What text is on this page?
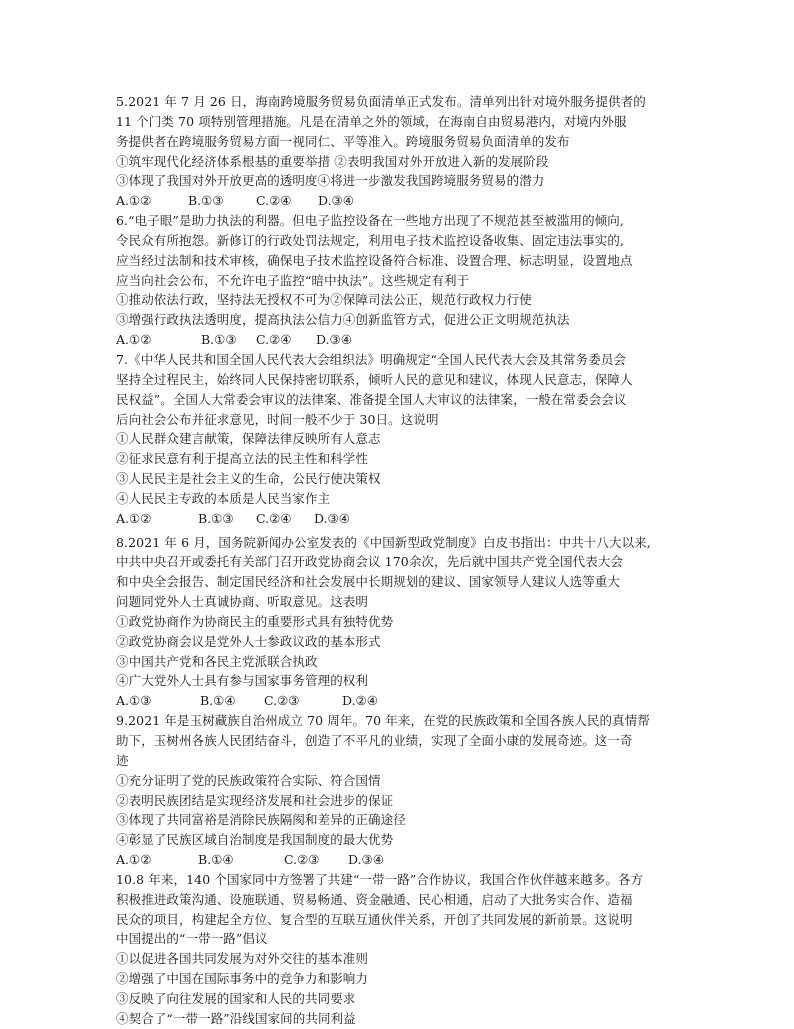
5.2021 年 7 月 26 日，海南跨境服务贸易负面清单正式发布。清单列出针对境外服务提供者的
11 个门类 70 项特别管理措施。凡是在清单之外的领域，在海南自由贸易港内，对境内外服
务提供者在跨境服务贸易方面一视同仁、平等准入。跨境服务贸易负面清单的发布
①筑牢现代化经济体系根基的重要举措 ②表明我国对外开放进入新的发展阶段
③体现了我国对外开放更高的透明度④将进一步激发我国跨境服务贸易的潜力
A.①②	B.①③	C.②④	D.③④
6.“电子眼”是助力执法的利器。但电子监控设备在一些地方出现了不规范甚至被滥用的倾向,
令民众有所抱怨。新修订的行政处罚法规定，利用电子技术监控设备收集、固定违法事实的,
应当经过法制和技术审核，确保电子技术监控设备符合标准、设置合理、标志明显，设置地点
应当向社会公布，不允许电子监控“暗中执法”。这些规定有利于
①推动依法行政，坚持法无授权不可为②保障司法公正，规范行政权力行使
③增强行政执法透明度，提高执法公信力④创新监管方式，促进公正文明规范执法
A.①②	B.①③	C.②④	D.③④
7.《中华人民共和国全国人民代表大会组织法》明确规定“全国人民代表大会及其常务委员会
坚持全过程民主，始终同人民保持密切联系，倾听人民的意见和建议，体现人民意志，保障人
民权益”。全国人大常委会审议的法律案、准备提全国人大审议的法律案，一般在常委会会议
后向社会公布并征求意见，时间一般不少于 30日。这说明
①人民群众建言献策，保障法律反映所有人意志
②征求民意有利于提高立法的民主性和科学性
③人民民主是社会主义的生命，公民行使决策权
④人民民主专政的本质是人民当家作主
A.①②	B.①③	C.②④	D.③④
8.2021 年 6 月，国务院新闻办公室发表的《中国新型政党制度》白皮书指出：中共十八大以来,
中共中央召开或委托有关部门召开政党协商会议 170余次，先后就中国共产党全国代表大会
和中央全会报告、制定国民经济和社会发展中长期规划的建议、国家领导人建议人选等重大
问题同党外人士真诚协商、听取意见。这表明
①政党协商作为协商民主的重要形式具有独特优势
②政党协商会议是党外人士参政议政的基本形式
③中国共产党和各民主党派联合执政
④广大党外人士具有参与国家事务管理的权利
A.①③	B.①④	C.②③	D.②④
9.2021 年是玉树藏族自治州成立 70 周年。70 年来，在党的民族政策和全国各族人民的真情帮
助下，玉树州各族人民团结奋斗，创造了不平凡的业绩，实现了全面小康的发展奇迹。这一奇
迹
①充分证明了党的民族政策符合实际、符合国情
②表明民族团结是实现经济发展和社会进步的保证
③体现了共同富裕是消除民族隔阂和差异的正确途径
④彰显了民族区域自治制度是我国制度的最大优势
A.①②	B.①④	C.②③	D.③④
10.8 年来，140 个国家同中方签署了共建“一带一路”合作协议，我国合作伙伴越来越多。各方
积极推进政策沟通、设施联通、贸易畅通、资金融通、民心相通，启动了大批务实合作、造福
民众的项目，构建起全方位、复合型的互联互通伙伴关系，开创了共同发展的新前景。这说明
中国提出的“一带一路”倡议
①以促进各国共同发展为对外交往的基本准则
②增强了中国在国际事务中的竞争力和影响力
③反映了向往发展的国家和人民的共同要求
④契合了“一带一路”沿线国家间的共同利益
